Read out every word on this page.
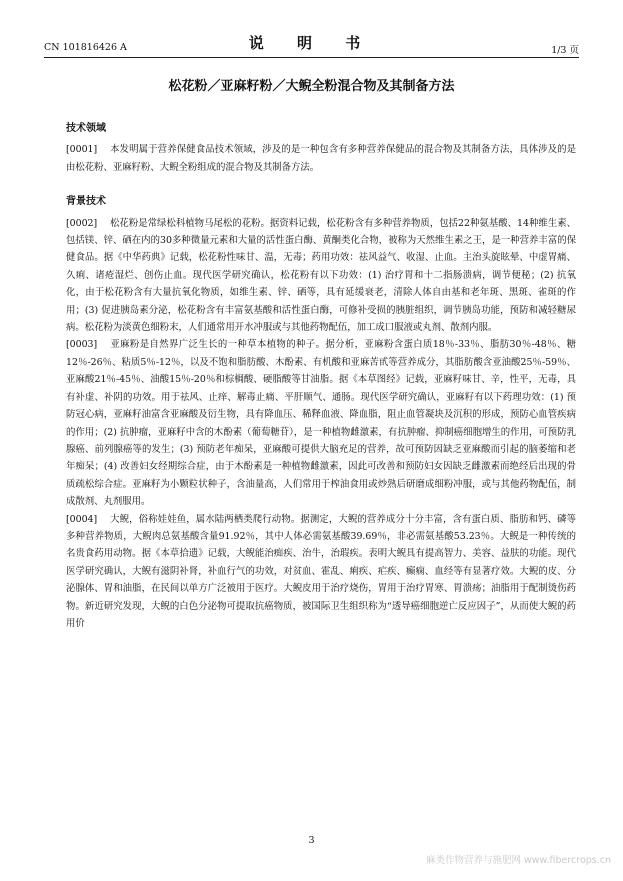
CN 101816426 A	说 明 书	1/3 页
松花粉／亚麻籽粉／大鲵全粉混合物及其制备方法
技术领域
[0001] 本发明属于营养保健食品技术领域，涉及的是一种包含有多种营养保健品的混合物及其制备方法，具体涉及的是由松花粉、亚麻籽粉、大鲵全粉组成的混合物及其制备方法。
背景技术
[0002] 松花粉是常绿松科植物马尾松的花粉。据资料记载，松花粉含有多种营养物质，包括22种氨基酸、14种维生素、包括镁、锌、硒在内的30多种微量元素和大量的活性蛋白酶、黄酮类化合物，被称为天然维生素之王，是一种营养丰富的保健食品。据《中华药典》记载，松花粉性味甘、温，无毒；药用功效：祛风益气、收湿、止血。主治头旋眩晕、中虚胃痛、久痢、诸疮湿烂、创伤止血。现代医学研究确认，松花粉有以下功效：(1) 治疗胃和十二指肠溃病，调节便秘；(2) 抗氧化，由于松花粉含有大量抗氧化物质，如维生素、锌、硒等，具有延缓衰老，清除人体自由基和老年斑、黑斑、雀斑的作用；(3) 促进胰岛素分泌，松花粉含有丰富氨基酸和活性蛋白酶，可修补受损的胰脏组织，调节胰岛功能，预防和减轻糖尿病。松花粉为淡黄色细粉末，人们通常用开水冲服或与其他药物配伍，加工成口服液或丸剂、散剂内服。
[0003] 亚麻粉是自然界广泛生长的一种草本植物的种子。据分析，亚麻粉含蛋白质18％-33％、脂肪30％-48％、糖12％-26％、粘质5％-12％，以及不饱和脂肪酸、木酚素、有机酸和亚麻苦甙等营养成分，其脂肪酸含亚油酸25％-59％、亚麻酸21％-45％、油酸15％-20％和棕榈酸、硬脂酸等甘油脂。据《本草图经》记载，亚麻籽味甘、辛，性平，无毒，具有补虚、补阴的功效。用于祛风、止痒、解毒止痛、平肝顺气、通肠。现代医学研究确认，亚麻籽有以下药理功效：(1) 预防冠心病，亚麻籽油富含亚麻酸及衍生物，具有降血压、稀释血液、降血脂，阻止血管凝块及沉积的形成，预防心血管疾病的作用；(2) 抗肿瘤，亚麻籽中含的木酚素（葡萄糖苷），是一种植物雌激素，有抗肿瘤、抑制癌细胞增生的作用，可预防乳腺癌、前列腺癌等的发生；(3) 预防老年痴呆，亚麻酸可提供大脑充足的营养，故可预防因缺乏亚麻酸而引起的脑萎缩和老年痴呆；(4) 改善妇女经期综合症，由于木酚素是一种植物雌激素，因此可改善和预防妇女因缺乏雌激素而绝经后出现的骨质疏松综合症。亚麻籽为小颗粒状种子，含油量高，人们常用于榨油食用或炒熟后研磨成细粉冲服，或与其他药物配伍，制成散剂、丸剂服用。
[0004] 大鲵，俗称娃娃鱼，属水陆两栖类爬行动物。据测定，大鲵的营养成分十分丰富，含有蛋白质、脂肪和钙、磷等多种营养物质，大鲵肉总氨基酸含量91.92％，其中人体必需氨基酸39.69％，非必需氨基酸53.23％。大鲵是一种传统的名贵食药用动物。据《本草拾遗》记载，大鲵能治痴疾、治牛，治瑕疾。表明大鲵具有提高智力、美容、益肤的功能。现代医学研究确认，大鲵有滋阴补肾，补血行气的功效，对贫血、霍乱、痢疾、疟疾、癫痫、血经等有显著疗效。大鲵的皮、分泌腺体、胃和油脂，在民间以单方广泛被用于医疗。大鲵皮用于治疗烧伤，胃用于治疗胃寒、胃溃疡；油脂用于配制烫伤药物。新近研究发现，大鲵的白色分泌物可提取抗癌物质，被国际卫生组织称为“透导癌细胞逆亡反应因子”，从而使大鲵的药用价
3
麻类作物营养与施肥网 www.fibercrops.cn
